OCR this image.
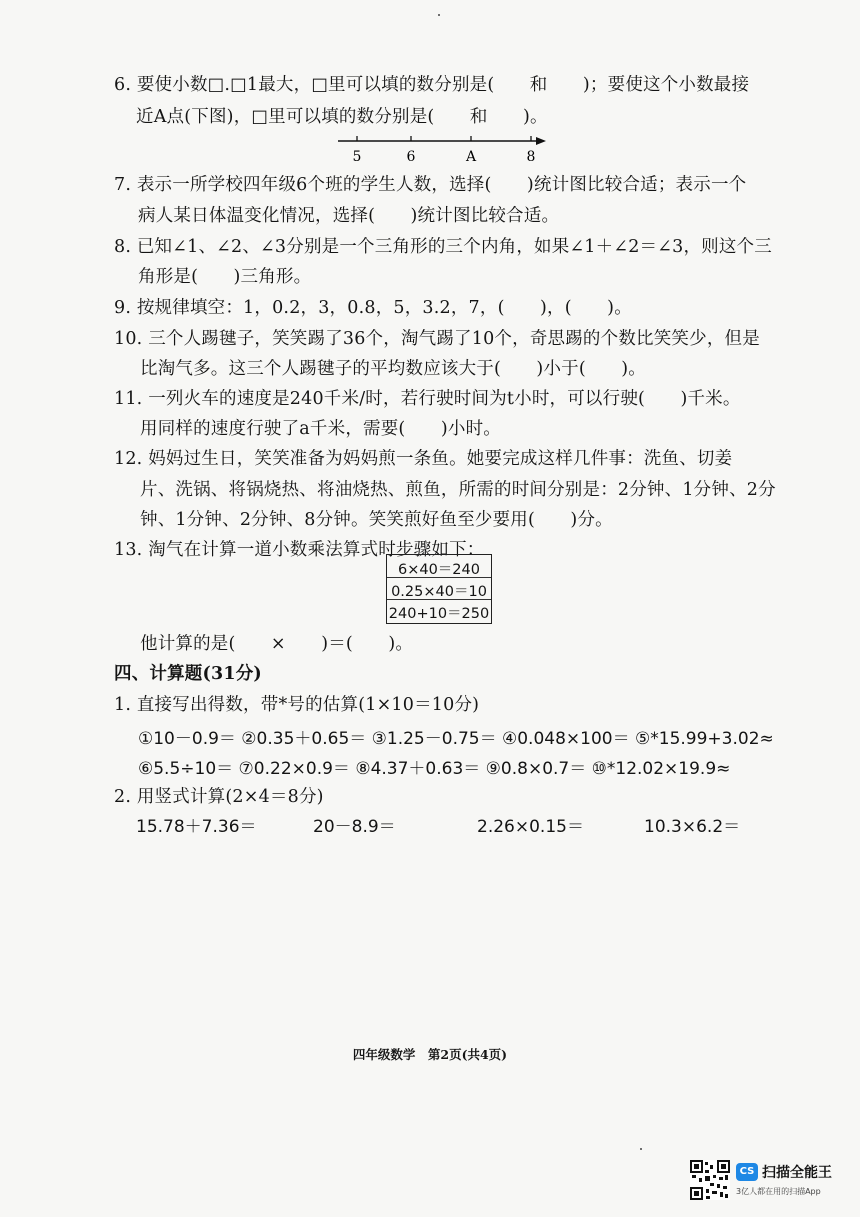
6. 要使小数□.□1最大，□里可以填的数分别是(　　和　　)；要使这个小数最接
近A点(下图)，□里可以填的数分别是(　　和　　)。
5	6	A	8
7. 表示一所学校四年级6个班的学生人数，选择(　　)统计图比较合适；表示一个
病人某日体温变化情况，选择(　　)统计图比较合适。
8. 已知∠1、∠2、∠3分别是一个三角形的三个内角，如果∠1＋∠2＝∠3，则这个三
角形是(　　)三角形。
9. 按规律填空：1，0.2，3，0.8，5，3.2，7，(　　)，(　　)。
10. 三个人踢毽子，笑笑踢了36个，淘气踢了10个，奇思踢的个数比笑笑少，但是
比淘气多。这三个人踢毽子的平均数应该大于(　　)小于(　　)。
11. 一列火车的速度是240千米/时，若行驶时间为t小时，可以行驶(　　)千米。
用同样的速度行驶了a千米，需要(　　)小时。
12. 妈妈过生日，笑笑准备为妈妈煎一条鱼。她要完成这样几件事：洗鱼、切姜
片、洗锅、将锅烧热、将油烧热、煎鱼，所需的时间分别是：2分钟、1分钟、2分
钟、1分钟、2分钟、8分钟。笑笑煎好鱼至少要用(　　)分。
13. 淘气在计算一道小数乘法算式时步骤如下：
6×40＝240
0.25×40＝10
240+10＝250
他计算的是(　　×　　)＝(　　)。
四、计算题(31分)
1. 直接写出得数，带*号的估算(1×10＝10分)
①10－0.9＝ ②0.35＋0.65＝ ③1.25－0.75＝ ④0.048×100＝ ⑤*15.99+3.02≈
⑥5.5÷10＝ ⑦0.22×0.9＝ ⑧4.37＋0.63＝ ⑨0.8×0.7＝ ⑩*12.02×19.9≈
2. 用竖式计算(2×4＝8分)
15.78＋7.36＝	20－8.9＝	2.26×0.15＝	10.3×6.2＝
四年级数学　第2页(共4页)
CS 扫描全能王
3亿人都在用的扫描App
